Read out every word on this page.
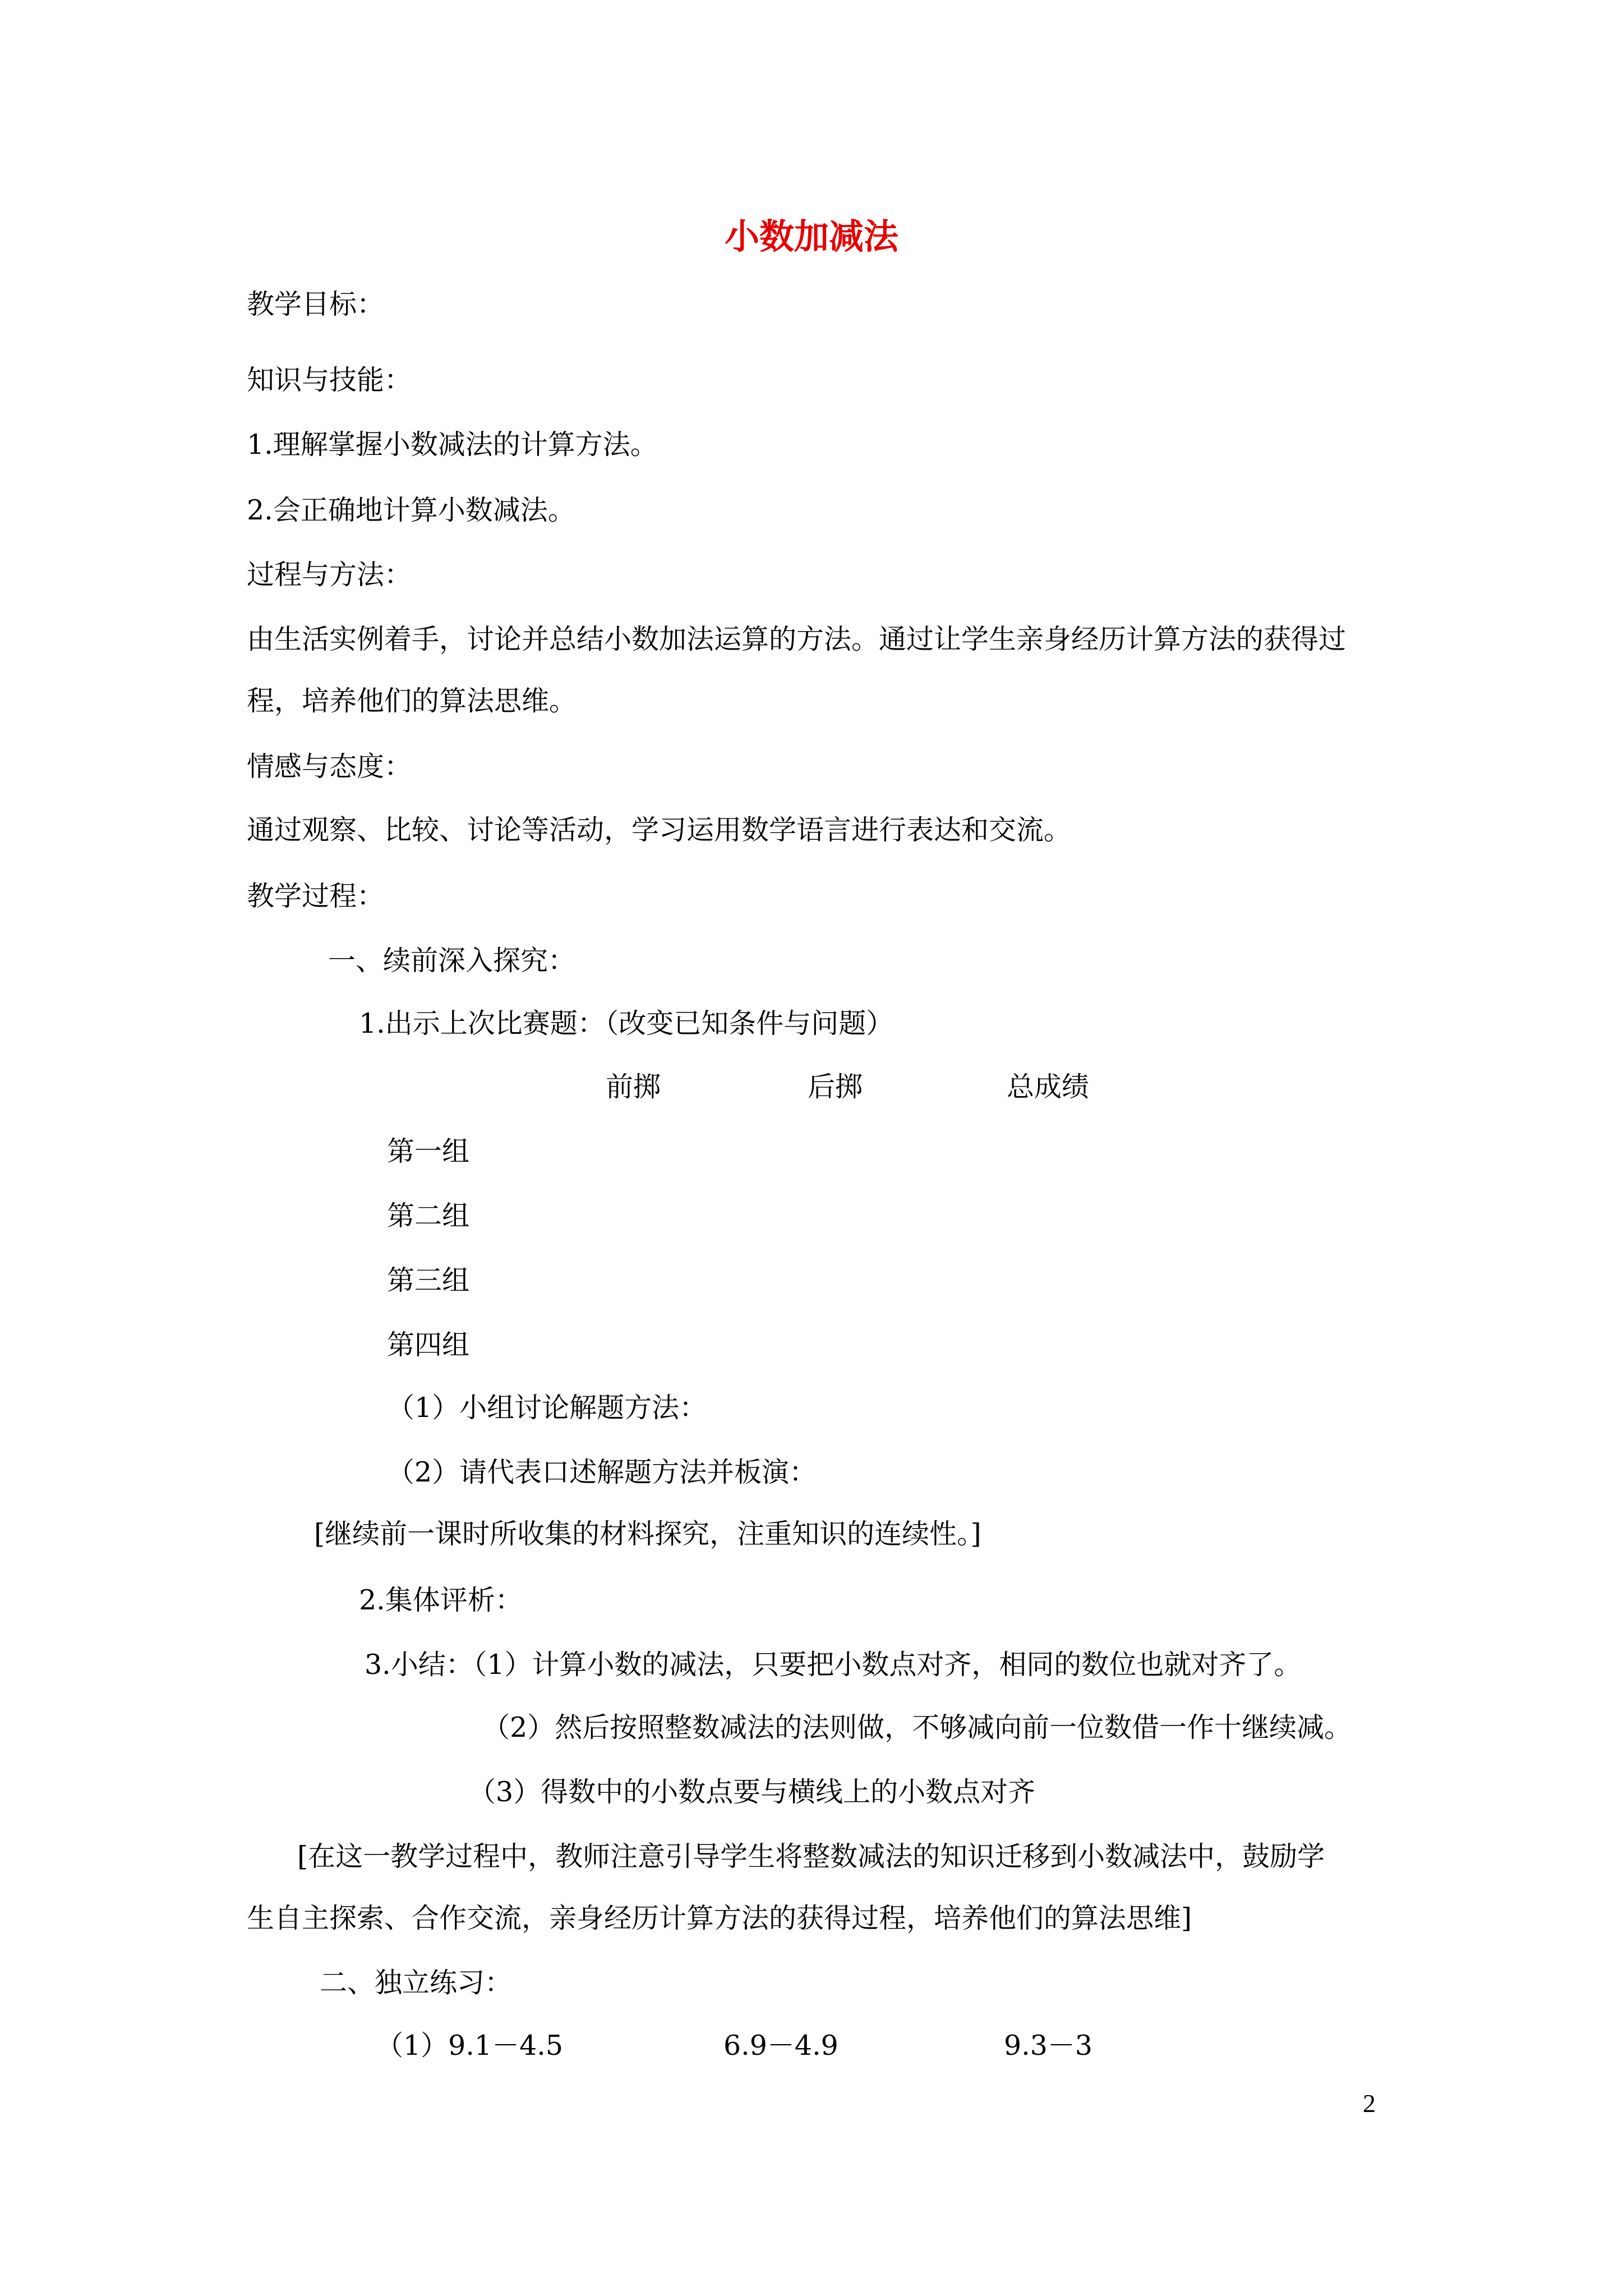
小数加减法
教学目标：
知识与技能：
1.理解掌握小数减法的计算方法。
2.会正确地计算小数减法。
过程与方法：
由生活实例着手，讨论并总结小数加法运算的方法。通过让学生亲身经历计算方法的获得过
程，培养他们的算法思维。
情感与态度：
通过观察、比较、讨论等活动，学习运用数学语言进行表达和交流。
教学过程：
一、续前深入探究：
1.出示上次比赛题：（改变已知条件与问题）
前掷	后掷	总成绩
第一组
第二组
第三组
第四组
（1）小组讨论解题方法：
（2）请代表口述解题方法并板演：
[继续前一课时所收集的材料探究，注重知识的连续性。]
2.集体评析：
3.小结：（1）计算小数的减法，只要把小数点对齐，相同的数位也就对齐了。
（2）然后按照整数减法的法则做，不够减向前一位数借一作十继续减。
（3）得数中的小数点要与横线上的小数点对齐
[在这一教学过程中，教师注意引导学生将整数减法的知识迁移到小数减法中，鼓励学
生自主探索、合作交流，亲身经历计算方法的获得过程，培养他们的算法思维]
二、独立练习：
（1）9.1－4.5	6.9－4.9	9.3－3
2
